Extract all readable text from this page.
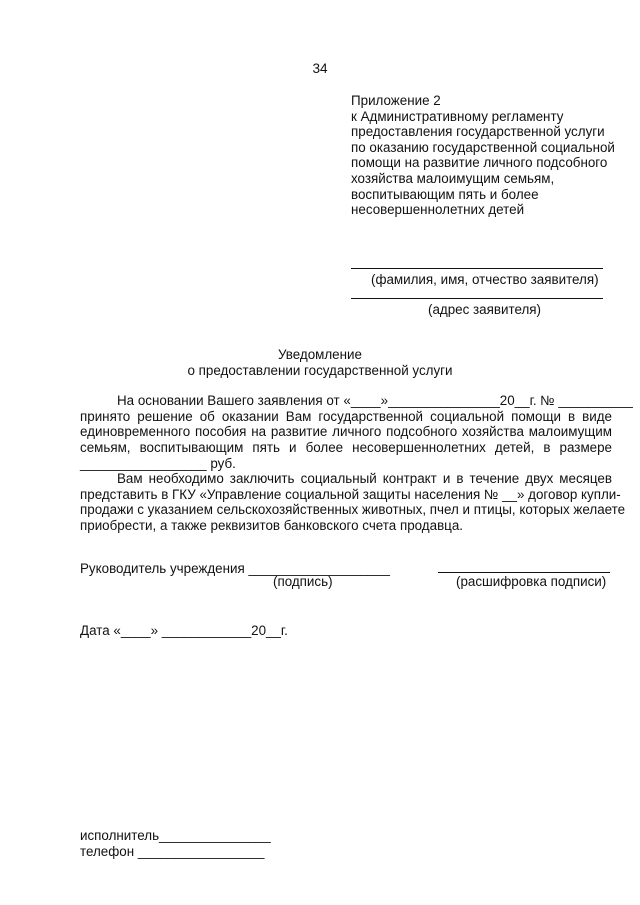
34
Приложение 2
к Административному регламенту
предоставления государственной услуги
по оказанию государственной социальной
помощи на развитие личного подсобного
хозяйства малоимущим семьям,
воспитывающим пять и более
несовершеннолетних детей
(фамилия, имя, отчество заявителя)
(адрес заявителя)
Уведомление
о предоставлении государственной услуги
На основании Вашего заявления от «____»_______________20__г. № __________
принято решение об оказании Вам государственной социальной помощи в виде
единовременного пособия на развитие личного подсобного хозяйства малоимущим
семьям, воспитывающим пять и более несовершеннолетних детей, в размере
_________________ руб.
Вам необходимо заключить социальный контракт и в течение двух месяцев
представить в ГКУ «Управление социальной защиты населения № __» договор купли-
продажи с указанием сельскохозяйственных животных, пчел и птицы, которых желаете
приобрести, а также реквизитов банковского счета продавца.
Руководитель учреждения ___________________
(подпись)	(расшифровка подписи)
Дата «____» ____________20__г.
исполнитель_______________
телефон _________________
